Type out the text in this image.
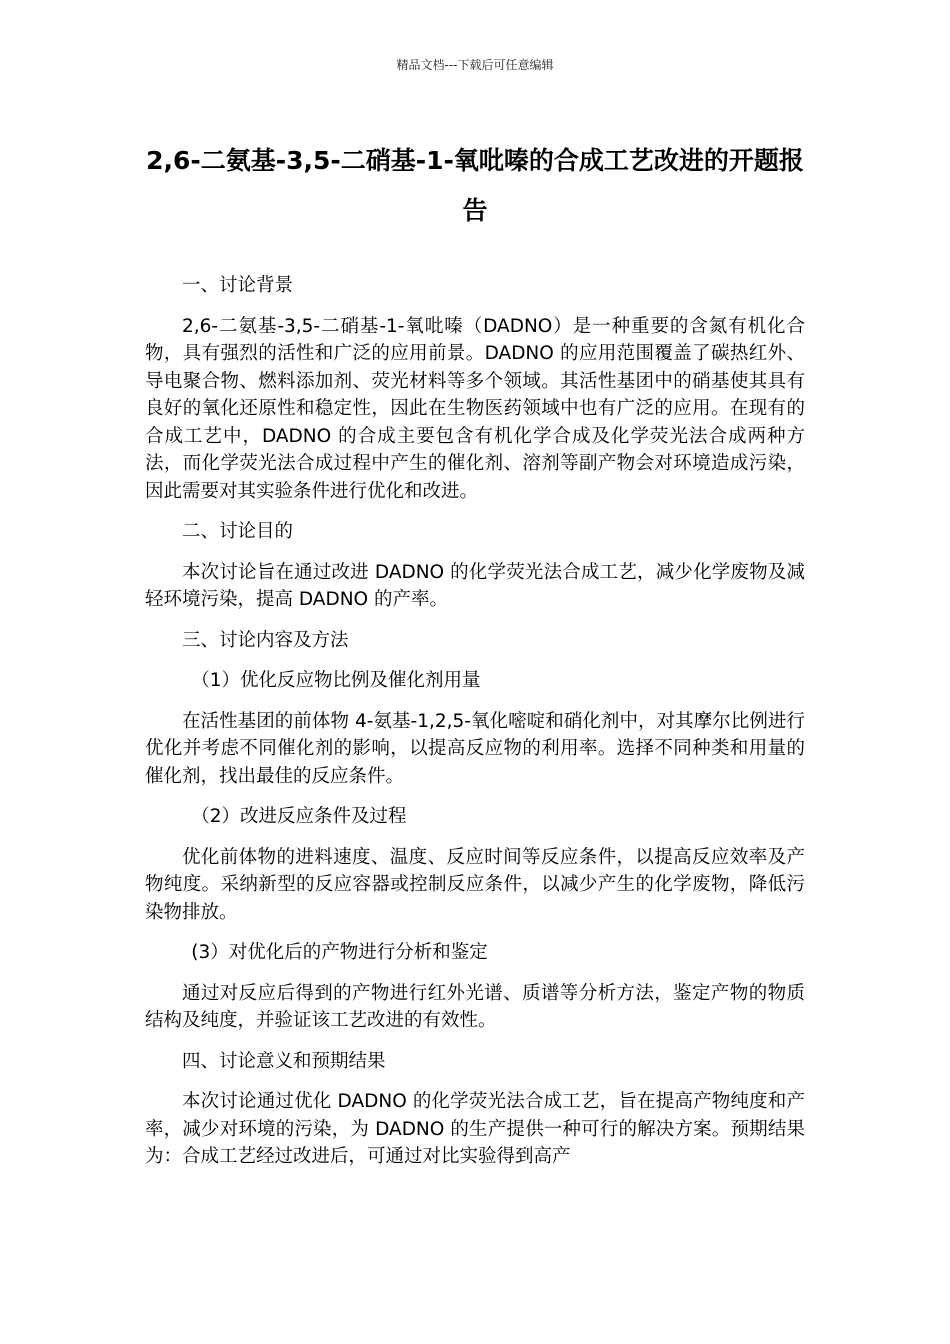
精品文档---下载后可任意编辑
2,6-二氨基-3,5-二硝基-1-氧吡嗪的合成工艺改进的开题报告
一、讨论背景
2,6-二氨基-3,5-二硝基-1-氧吡嗪（DADNO）是一种重要的含氮有机化合物，具有强烈的活性和广泛的应用前景。DADNO 的应用范围覆盖了碳热红外、导电聚合物、燃料添加剂、荧光材料等多个领域。其活性基团中的硝基使其具有良好的氧化还原性和稳定性，因此在生物医药领域中也有广泛的应用。在现有的合成工艺中，DADNO 的合成主要包含有机化学合成及化学荧光法合成两种方法，而化学荧光法合成过程中产生的催化剂、溶剂等副产物会对环境造成污染，因此需要对其实验条件进行优化和改进。
二、讨论目的
本次讨论旨在通过改进 DADNO 的化学荧光法合成工艺，减少化学废物及减轻环境污染，提高 DADNO 的产率。
三、讨论内容及方法
（1）优化反应物比例及催化剂用量
在活性基团的前体物 4-氨基-1,2,5-氧化嘧啶和硝化剂中，对其摩尔比例进行优化并考虑不同催化剂的影响，以提高反应物的利用率。选择不同种类和用量的催化剂，找出最佳的反应条件。
（2）改进反应条件及过程
优化前体物的进料速度、温度、反应时间等反应条件，以提高反应效率及产物纯度。采纳新型的反应容器或控制反应条件，以减少产生的化学废物，降低污染物排放。
(3）对优化后的产物进行分析和鉴定
通过对反应后得到的产物进行红外光谱、质谱等分析方法，鉴定产物的物质结构及纯度，并验证该工艺改进的有效性。
四、讨论意义和预期结果
本次讨论通过优化 DADNO 的化学荧光法合成工艺，旨在提高产物纯度和产率，减少对环境的污染，为 DADNO 的生产提供一种可行的解决方案。预期结果为：合成工艺经过改进后，可通过对比实验得到高产
